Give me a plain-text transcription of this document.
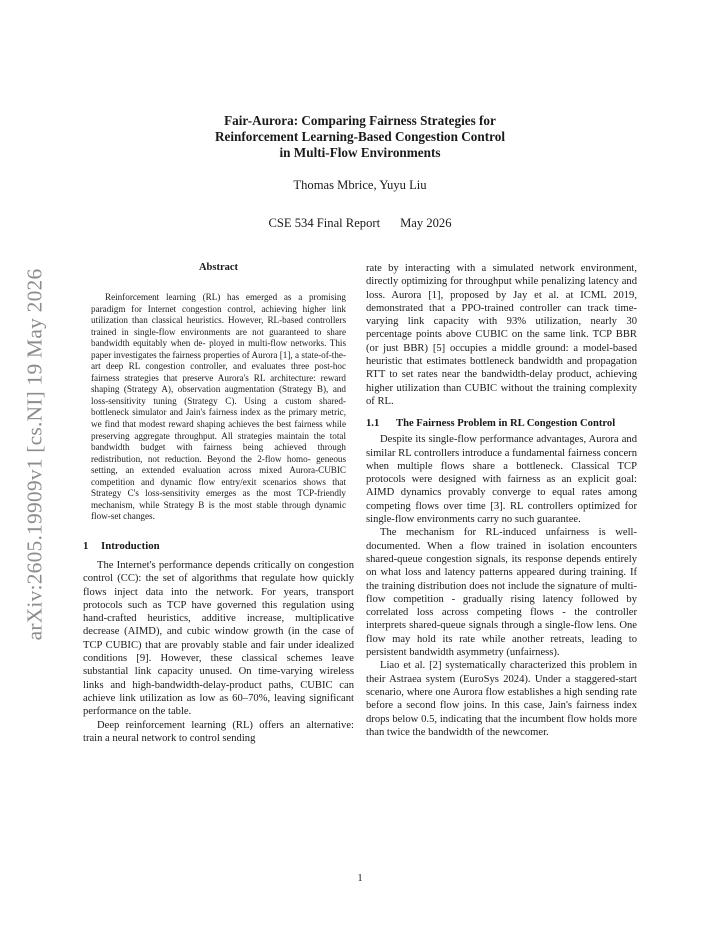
arXiv:2605.19909v1 [cs.NI] 19 May 2026
Fair-Aurora: Comparing Fairness Strategies for
Reinforcement Learning-Based Congestion Control
in Multi-Flow Environments
Thomas Mbrice, Yuyu Liu
CSE 534 Final Report May 2026
Abstract

Reinforcement learning (RL) has emerged as a promising paradigm for Internet congestion control, achieving higher link utilization than classical heuristics. However, RL-based controllers trained in single-flow environments are not guaranteed to share bandwidth equitably when de- ployed in multi-flow networks. This paper investigates the fairness properties of Aurora [1], a state-of-the-art deep RL congestion controller, and evaluates three post-hoc fairness strategies that preserve Aurora's RL architecture: reward shaping (Strategy A), observation augmentation (Strategy B), and loss-sensitivity tuning (Strategy C). Using a custom shared-bottleneck simulator and Jain's fairness index as the primary metric, we find that modest reward shaping achieves the best fairness while preserving aggregate throughput. All strategies maintain the total bandwidth budget with fairness being achieved through redistribution, not reduction. Beyond the 2-flow homo- geneous setting, an extended evaluation across mixed Aurora-CUBIC competition and dynamic flow entry/exit scenarios shows that Strategy C's loss-sensitivity emerges as the most TCP-friendly mechanism, while Strategy B is the most stable through dynamic flow-set changes.

1 Introduction

The Internet's performance depends critically on congestion control (CC): the set of algorithms that regulate how quickly flows inject data into the network. For years, transport protocols such as TCP have governed this regulation using hand-crafted heuristics, additive increase, multiplicative decrease (AIMD), and cubic window growth (in the case of TCP CUBIC) that are provably stable and fair under idealized conditions [9]. However, these classical schemes leave substantial link capacity unused. On time-varying wireless links and high-bandwidth-delay-product paths, CUBIC can achieve link utilization as low as 60–70%, leaving significant performance on the table.

Deep reinforcement learning (RL) offers an alternative: train a neural network to control sending

rate by interacting with a simulated network environment, directly optimizing for throughput while penalizing latency and loss. Aurora [1], proposed by Jay et al. at ICML 2019, demonstrated that a PPO-trained controller can track time-varying link capacity with 93% utilization, nearly 30 percentage points above CUBIC on the same link. TCP BBR (or just BBR) [5] occupies a middle ground: a model-based heuristic that estimates bottleneck bandwidth and propagation RTT to set rates near the bandwidth-delay product, achieving higher utilization than CUBIC without the training complexity of RL.

1.1 The Fairness Problem in RL Congestion Control

Despite its single-flow performance advantages, Aurora and similar RL controllers introduce a fundamental fairness concern when multiple flows share a bottleneck. Classical TCP protocols were designed with fairness as an explicit goal: AIMD dynamics provably converge to equal rates among competing flows over time [3]. RL controllers optimized for single-flow environments carry no such guarantee.

The mechanism for RL-induced unfairness is well-documented. When a flow trained in isolation encounters shared-queue congestion signals, its response depends entirely on what loss and latency patterns appeared during training. If the training distribution does not include the signature of multi-flow competition - gradually rising latency followed by correlated loss across competing flows - the controller interprets shared-queue signals through a single-flow lens. One flow may hold its rate while another retreats, leading to persistent bandwidth asymmetry (unfairness).

Liao et al. [2] systematically characterized this problem in their Astraea system (EuroSys 2024). Under a staggered-start scenario, where one Aurora flow establishes a high sending rate before a second flow joins. In this case, Jain's fairness index drops below 0.5, indicating that the incumbent flow holds more than twice the bandwidth of the newcomer.

1
